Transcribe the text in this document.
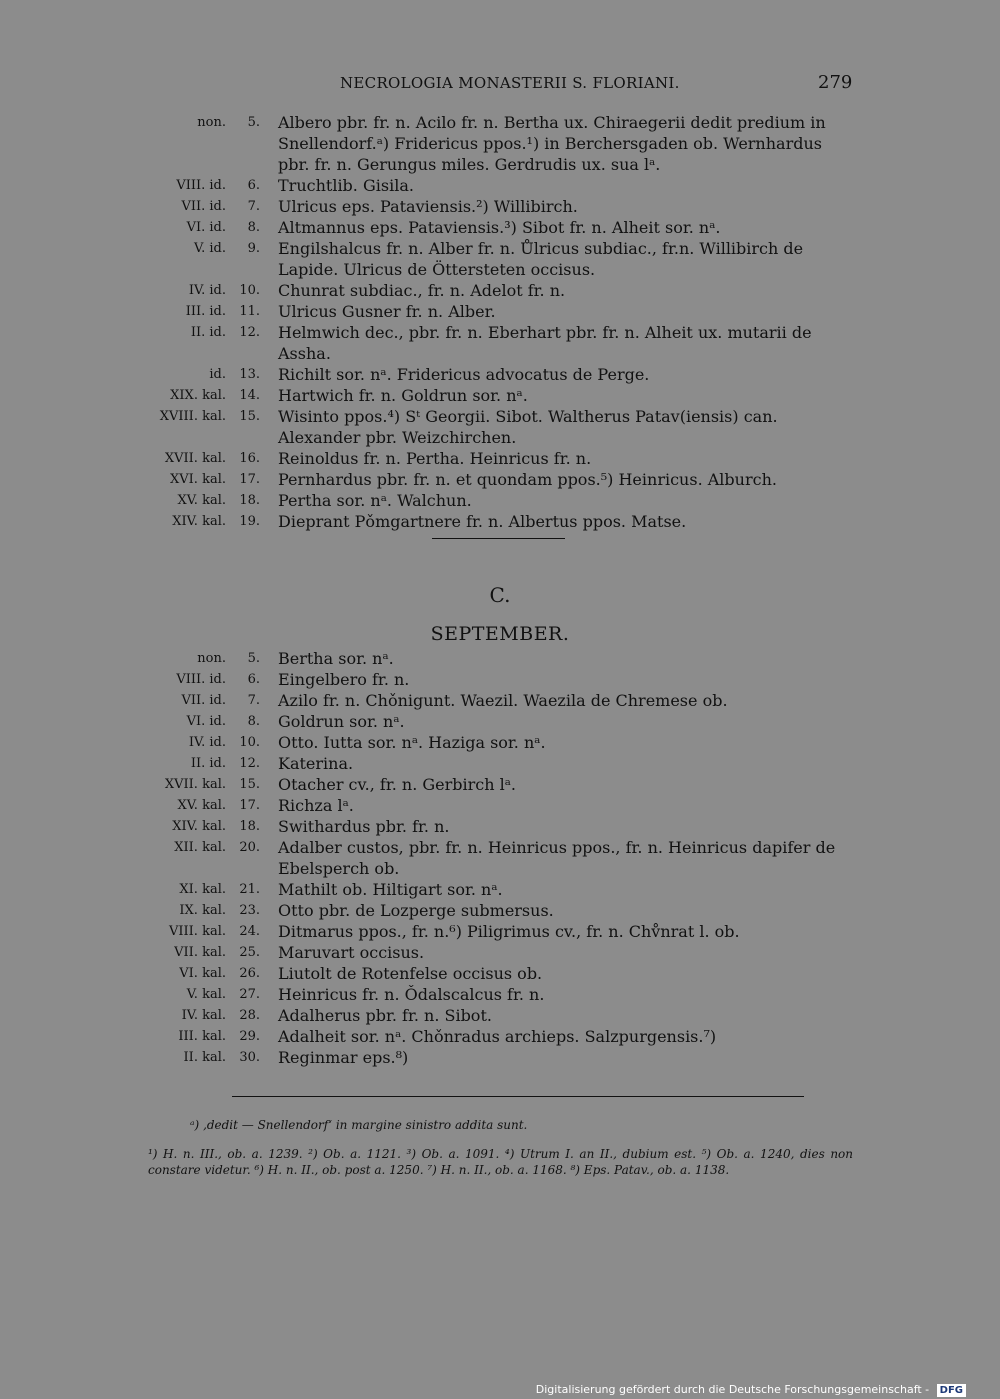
NECROLOGIA MONASTERII S. FLORIANI.	279
non.	5. Albero pbr. fr. n. Acilo fr. n. Bertha ux. Chiraegerii dedit predium in Snellendorf.ᵃ) Fridericus ppos.¹) in Berchersgaden ob. Wernhardus pbr. fr. n. Gerungus miles. Gerdrudis ux. sua lᵃ.
VIII. id.	6. Truchtlib. Gisila.
VII. id.	7. Ulricus eps. Pataviensis.²) Willibirch.
VI. id.	8. Altmannus eps. Pataviensis.³) Sibot fr. n. Alheit sor. nᵃ.
V. id.	9. Engilshalcus fr. n. Alber fr. n. Ůlricus subdiac., fr.n. Willibirch de Lapide. Ulricus de Öttersteten occisus.
IV. id.	10. Chunrat subdiac., fr. n. Adelot fr. n.
III. id.	11. Ulricus Gusner fr. n. Alber.
II. id.	12. Helmwich dec., pbr. fr. n. Eberhart pbr. fr. n. Alheit ux. mutarii de Assha.
id.	13. Richilt sor. nᵃ. Fridericus advocatus de Perge.
XIX. kal.	14. Hartwich fr. n. Goldrun sor. nᵃ.
XVIII. kal.	15. Wisinto ppos.⁴) Sᵗ Georgii. Sibot. Waltherus Patav(iensis) can. Alexander pbr. Weizchirchen.
XVII. kal.	16. Reinoldus fr. n. Pertha. Heinricus fr. n.
XVI. kal.	17. Pernhardus pbr. fr. n. et quondam ppos.⁵) Heinricus. Alburch.
XV. kal.	18. Pertha sor. nᵃ. Walchun.
XIV. kal.	19. Dieprant Pǒmgartnere fr. n. Albertus ppos. Matse.
C.
SEPTEMBER.
non.	5. Bertha sor. nᵃ.
VIII. id.	6. Eingelbero fr. n.
VII. id.	7. Azilo fr. n. Chǒnigunt. Waezil. Waezila de Chremese ob.
VI. id.	8. Goldrun sor. nᵃ.
IV. id.	10. Otto. Iutta sor. nᵃ. Haziga sor. nᵃ.
II. id.	12. Katerina.
XVII. kal.	15. Otacher cv., fr. n. Gerbirch lᵃ.
XV. kal.	17. Richza lᵃ.
XIV. kal.	18. Swithardus pbr. fr. n.
XII. kal.	20. Adalber custos, pbr. fr. n. Heinricus ppos., fr. n. Heinricus dapifer de Ebelsperch ob.
XI. kal.	21. Mathilt ob. Hiltigart sor. nᵃ.
IX. kal.	23. Otto pbr. de Lozperge submersus.
VIII. kal.	24. Ditmarus ppos., fr. n.⁶) Piligrimus cv., fr. n. Chv̊nrat l. ob.
VII. kal.	25. Maruvart occisus.
VI. kal.	26. Liutolt de Rotenfelse occisus ob.
V. kal.	27. Heinricus fr. n. Ǒdalscalcus fr. n.
IV. kal.	28. Adalherus pbr. fr. n. Sibot.
III. kal.	29. Adalheit sor. nᵃ. Chǒnradus archieps. Salzpurgensis.⁷)
II. kal.	30. Reginmar eps.⁸)
ᵃ) ‚dedit — Snellendorf‘ in margine sinistro addita sunt.
¹) H. n. III., ob. a. 1239. ²) Ob. a. 1121. ³) Ob. a. 1091. ⁴) Utrum I. an II., dubium est. ⁵) Ob. a. 1240, dies non constare videtur. ⁶) H. n. II., ob. post a. 1250. ⁷) H. n. II., ob. a. 1168. ⁸) Eps. Patav., ob. a. 1138.
Digitalisierung gefördert durch die Deutsche Forschungsgemeinschaft - DFG
